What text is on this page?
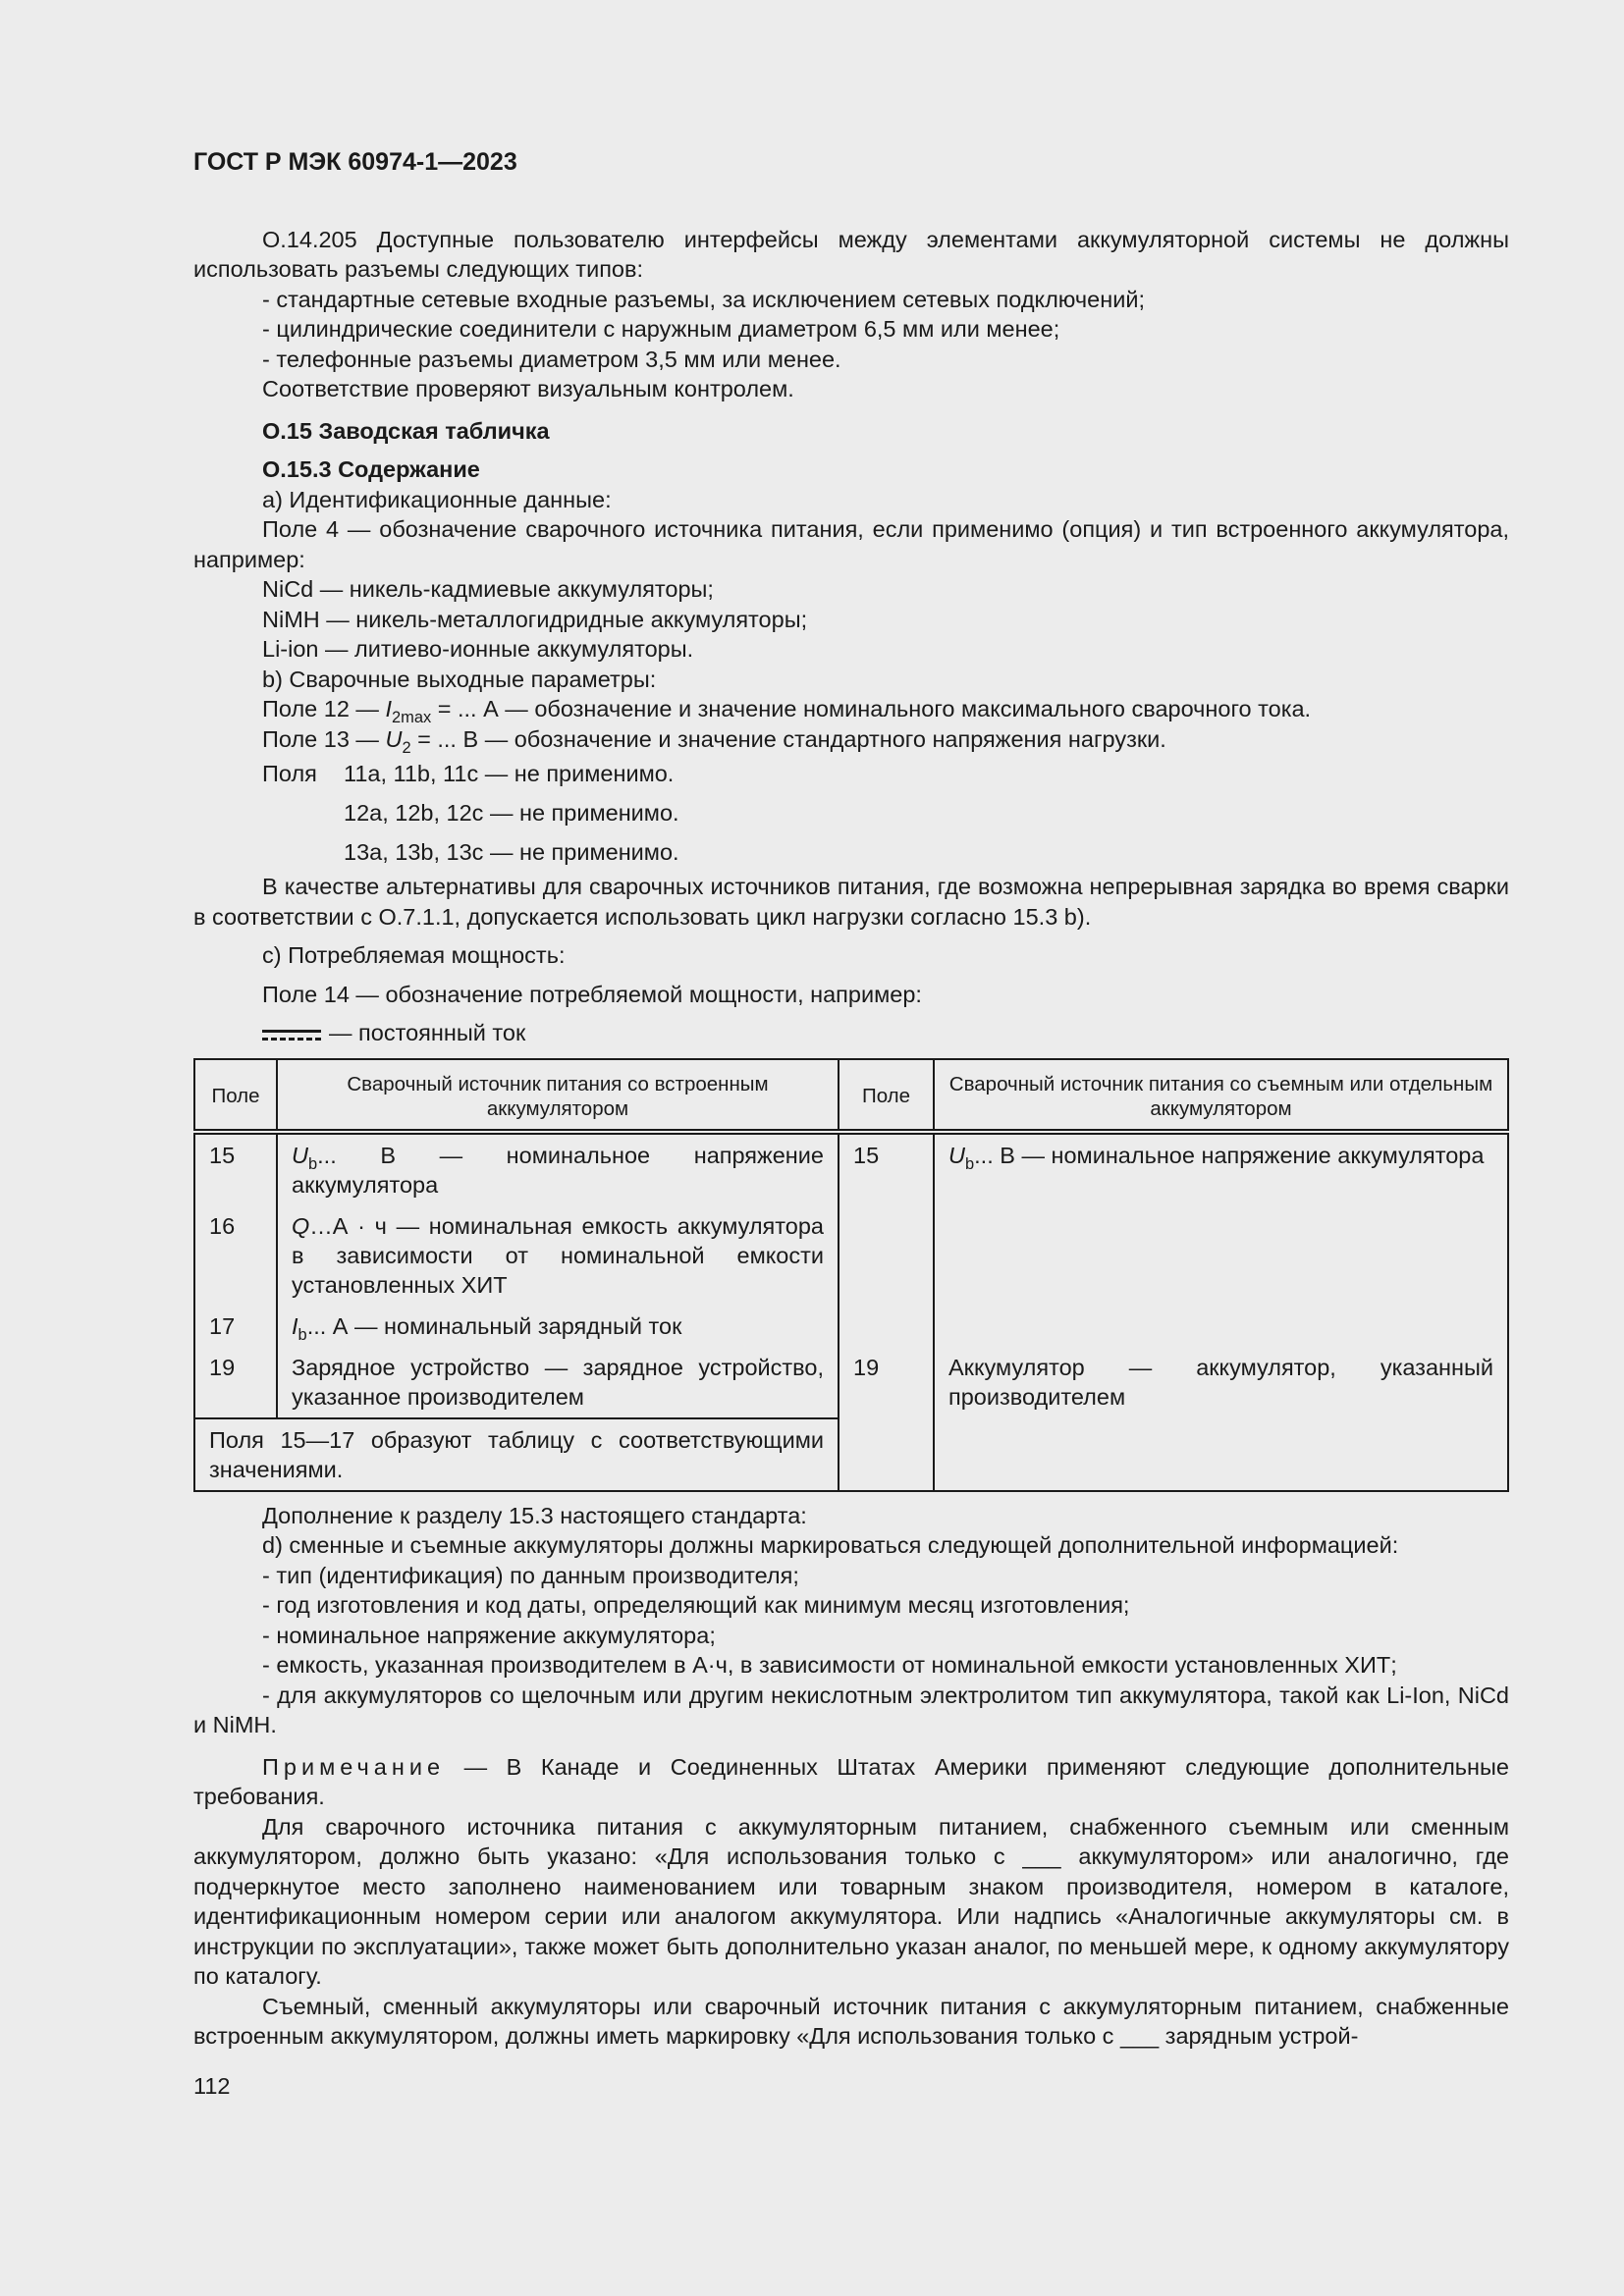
ГОСТ Р МЭК 60974-1—2023

О.14.205 Доступные пользователю интерфейсы между элементами аккумуляторной системы не должны использовать разъемы следующих типов:

- стандартные сетевые входные разъемы, за исключением сетевых подключений;

- цилиндрические соединители с наружным диаметром 6,5 мм или менее;

- телефонные разъемы диаметром 3,5 мм или менее.

Соответствие проверяют визуальным контролем.

О.15 Заводская табличка

О.15.3 Содержание

а) Идентификационные данные:

Поле 4 — обозначение сварочного источника питания, если применимо (опция) и тип встроенного аккумулятора, например:

NiCd — никель-кадмиевые аккумуляторы;

NiMH — никель-металлогидридные аккумуляторы;

Li-ion — литиево-ионные аккумуляторы.

b) Сварочные выходные параметры:

Поле 12 — $I_{2max}$ = ... А — обозначение и значение номинального максимального сварочного тока.

Поле 13 — $U_2$ = ... В — обозначение и значение стандартного напряжения нагрузки.

Поля	11a, 11b, 11c — не применимо.
12a, 12b, 12c — не применимо.
13a, 13b, 13c — не применимо.

В качестве альтернативы для сварочных источников питания, где возможна непрерывная зарядка во время сварки в соответствии с О.7.1.1, допускается использовать цикл нагрузки согласно 15.3 b).

c) Потребляемая мощность:

Поле 14 — обозначение потребляемой мощности, например:

— постоянный ток

Поле	Сварочный источник питания со встроенным аккумулятором	Поле	Сварочный источник питания со съемным или отдельным аккумулятором
15	$U_b$... В — номинальное напряжение аккумулятора	15	$U_b$... В — номинальное напряжение аккумулятора
16	Q…А · ч — номинальная емкость аккумулятора в зависимости от номинальной емкости установленных ХИТ		
17	$I_b$... А — номинальный зарядный ток		
19	Зарядное устройство — зарядное устройство, указанное производителем	19	Аккумулятор — аккумулятор, указанный производителем
Поля 15—17 образуют таблицу с соответствующими значениями.			

Дополнение к разделу 15.3 настоящего стандарта:

d) сменные и съемные аккумуляторы должны маркироваться следующей дополнительной информацией:

- тип (идентификация) по данным производителя;

- год изготовления и код даты, определяющий как минимум месяц изготовления;

- номинальное напряжение аккумулятора;

- емкость, указанная производителем в А·ч, в зависимости от номинальной емкости установленных ХИТ;

- для аккумуляторов со щелочным или другим некислотным электролитом тип аккумулятора, такой как Li-Ion, NiCd и NiMH.

Примечание — В Канаде и Соединенных Штатах Америки применяют следующие дополнительные требования.

Для сварочного источника питания с аккумуляторным питанием, снабженного съемным или сменным аккумулятором, должно быть указано: «Для использования только с ___ аккумулятором» или аналогично, где подчеркнутое место заполнено наименованием или товарным знаком производителя, номером в каталоге, идентификационным номером серии или аналогом аккумулятора. Или надпись «Аналогичные аккумуляторы см. в инструкции по эксплуатации», также может быть дополнительно указан аналог, по меньшей мере, к одному аккумулятору по каталогу.

Съемный, сменный аккумуляторы или сварочный источник питания с аккумуляторным питанием, снабженные встроенным аккумулятором, должны иметь маркировку «Для использования только с ___ зарядным устрой-

112
